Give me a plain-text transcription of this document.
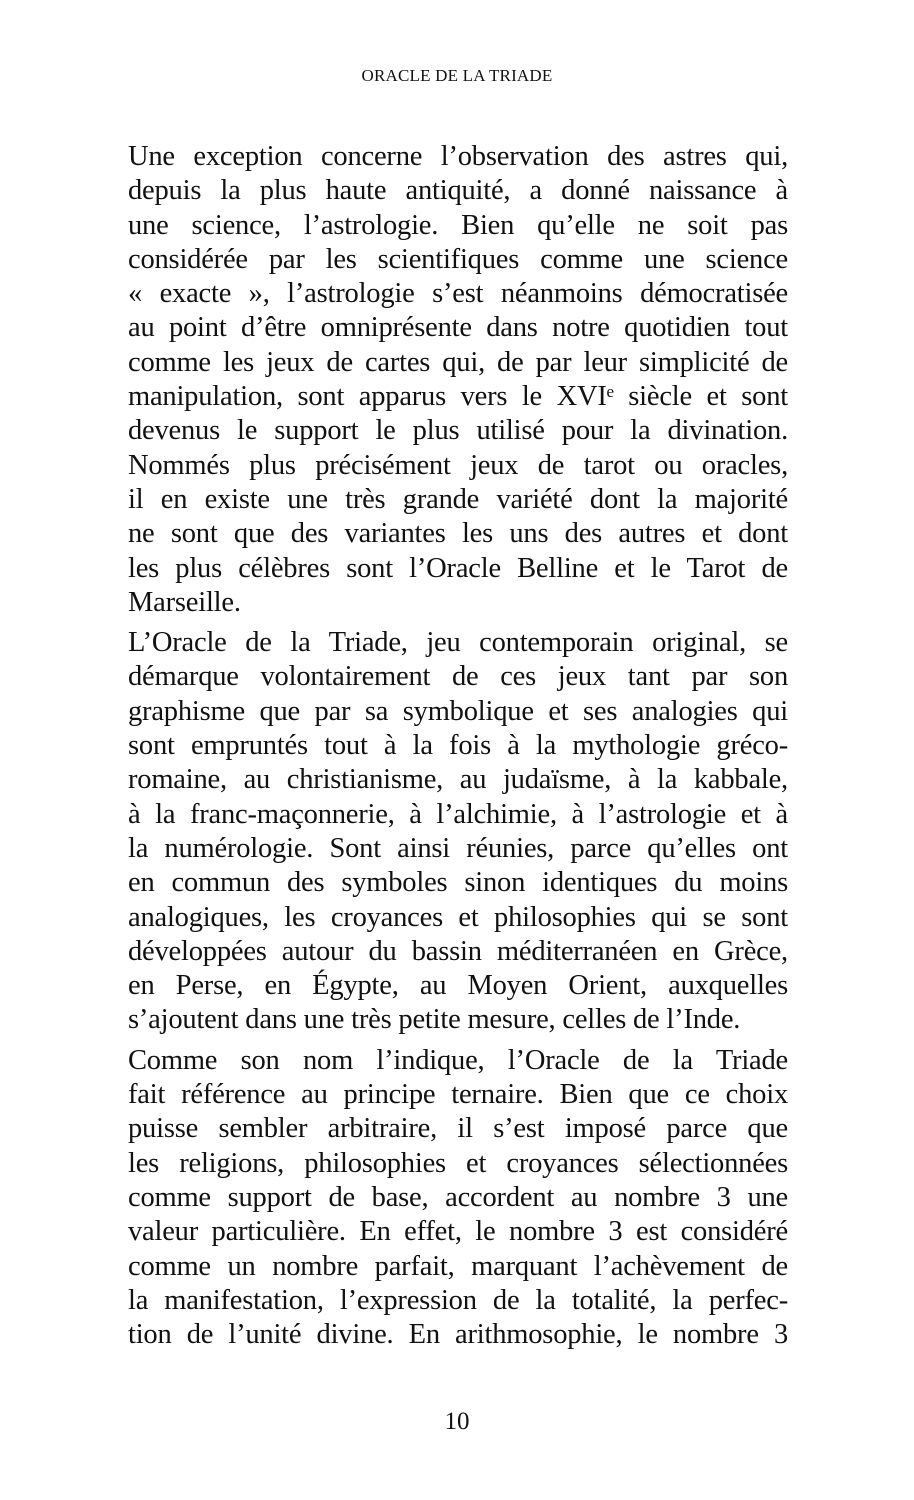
ORACLE DE LA TRIADE

Une exception concerne l’observation des astres qui,
depuis la plus haute antiquité, a donné naissance à
une science, l’astrologie. Bien qu’elle ne soit pas
considérée par les scientifiques comme une science
« exacte », l’astrologie s’est néanmoins démocratisée
au point d’être omniprésente dans notre quotidien tout
comme les jeux de cartes qui, de par leur simplicité de
manipulation, sont apparus vers le XVIᵉ siècle et sont
devenus le support le plus utilisé pour la divination.
Nommés plus précisément jeux de tarot ou oracles,
il en existe une très grande variété dont la majorité
ne sont que des variantes les uns des autres et dont
les plus célèbres sont l’Oracle Belline et le Tarot de
Marseille.

L’Oracle de la Triade, jeu contemporain original, se
démarque volontairement de ces jeux tant par son
graphisme que par sa symbolique et ses analogies qui
sont empruntés tout à la fois à la mythologie gréco-
romaine, au christianisme, au judaïsme, à la kabbale,
à la franc-maçonnerie, à l’alchimie, à l’astrologie et à
la numérologie. Sont ainsi réunies, parce qu’elles ont
en commun des symboles sinon identiques du moins
analogiques, les croyances et philosophies qui se sont
développées autour du bassin méditerranéen en Grèce,
en Perse, en Égypte, au Moyen Orient, auxquelles
s’ajoutent dans une très petite mesure, celles de l’Inde.

Comme son nom l’indique, l’Oracle de la Triade
fait référence au principe ternaire. Bien que ce choix
puisse sembler arbitraire, il s’est imposé parce que
les religions, philosophies et croyances sélectionnées
comme support de base, accordent au nombre 3 une
valeur particulière. En effet, le nombre 3 est considéré
comme un nombre parfait, marquant l’achèvement de
la manifestation, l’expression de la totalité, la perfec-
tion de l’unité divine. En arithmosophie, le nombre 3

10
